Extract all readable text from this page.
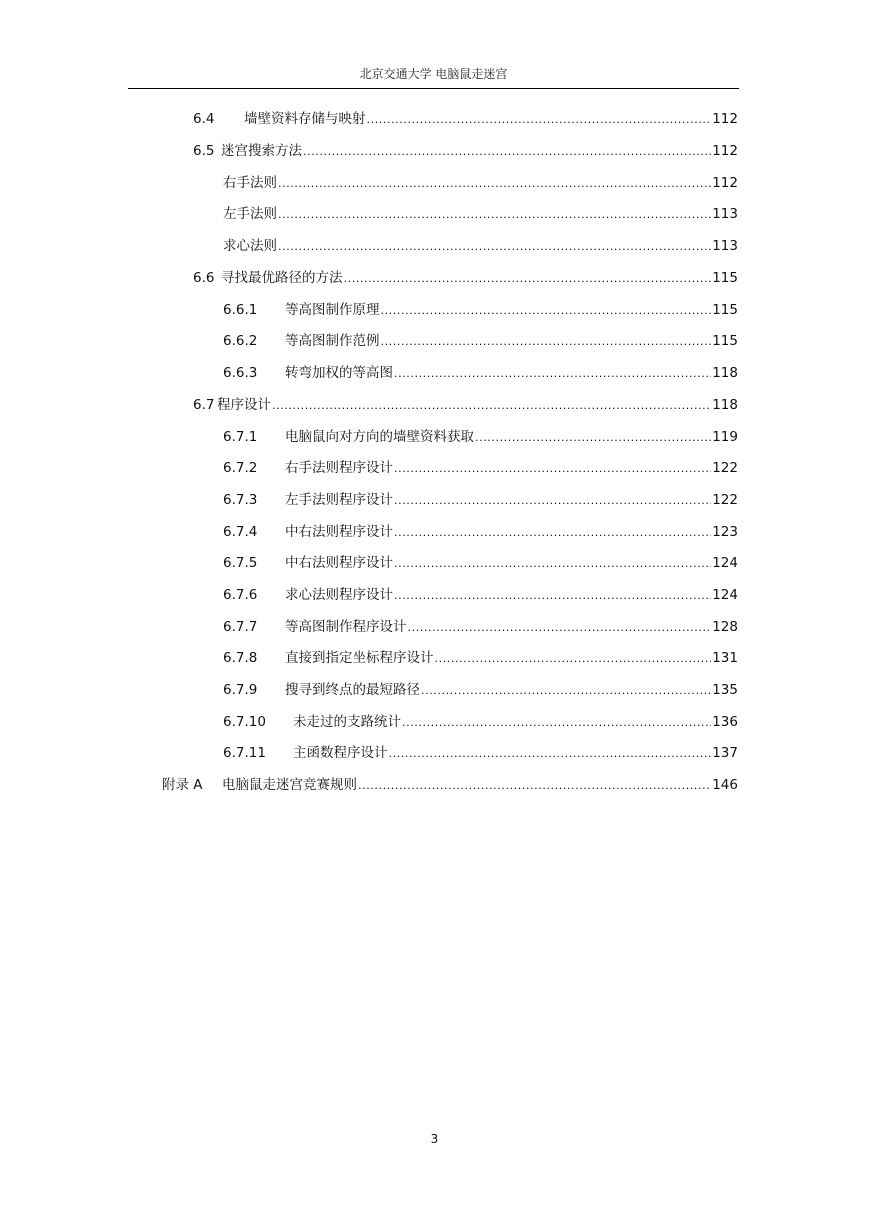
北京交通大学 电脑鼠走迷宫
6.4	墙壁资料存储与映射 .....	112
6.5 迷宫搜索方法 .....	112
右手法则 .....	112
左手法则 .....	113
求心法则 .....	113
6.6 寻找最优路径的方法 .....	115
6.6.1	等高图制作原理 .....	115
6.6.2	等高图制作范例 .....	115
6.6.3	转弯加权的等高图 .....	118
6.7 程序设计 .....	118
6.7.1	电脑鼠向对方向的墙壁资料获取 .....	119
6.7.2	右手法则程序设计 .....	122
6.7.3	左手法则程序设计 .....	122
6.7.4	中右法则程序设计 .....	123
6.7.5	中右法则程序设计 .....	124
6.7.6	求心法则程序设计 .....	124
6.7.7	等高图制作程序设计 .....	128
6.7.8	直接到指定坐标程序设计 .....	131
6.7.9	搜寻到终点的最短路径 .....	135
6.7.10	未走过的支路统计 .....	136
6.7.11	主函数程序设计 .....	137
附录 A	电脑鼠走迷宫竞赛规则 .....	146
3
